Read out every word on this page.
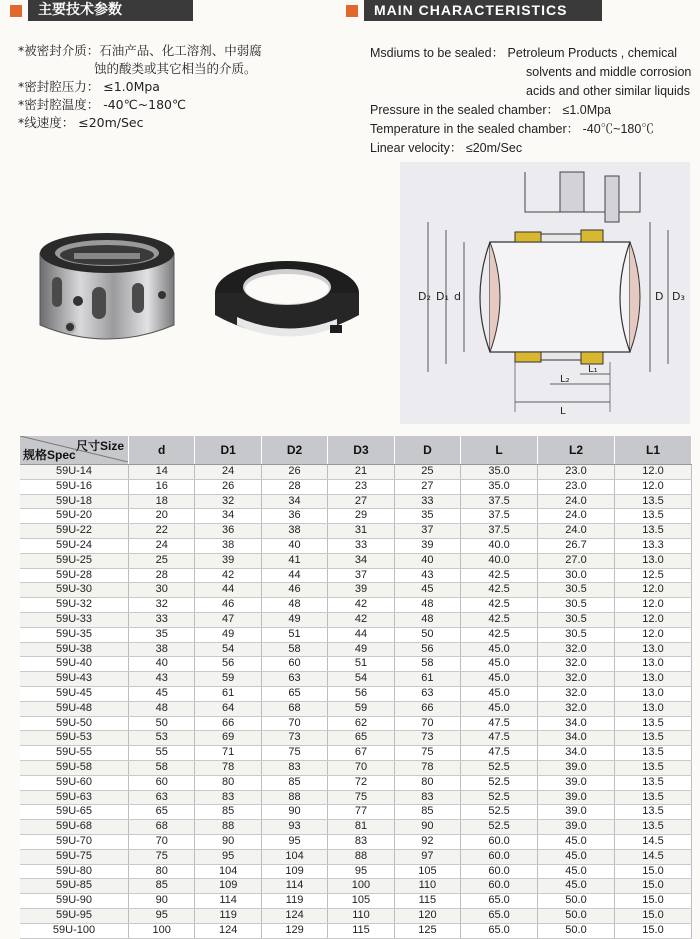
主要技术参数	MAIN CHARACTERISTICS
*被密封介质：石油产品、化工溶剂、中弱腐
蚀的酸类或其它相当的介质。
*密封腔压力： ≤1.0Mpa
*密封腔温度： -40℃~180℃
*线速度： ≤20m/Sec
Msdiums to be sealed： Petroleum Products , chemical
solvents and middle corrosion
acids and other similar liquids
Pressure in the sealed chamber： ≤1.0Mpa
Temperature in the sealed chamber： -40℃~180℃
Linear velocity： ≤20m/Sec
D₂ D₁ d	D D₃
L₂
L₁
L
尺寸Size
规格Spec	d	D1	D2	D3	D	L	L2	L1
59U-14	14	24	26	21	25	35.0	23.0	12.0
59U-16	16	26	28	23	27	35.0	23.0	12.0
59U-18	18	32	34	27	33	37.5	24.0	13.5
59U-20	20	34	36	29	35	37.5	24.0	13.5
59U-22	22	36	38	31	37	37.5	24.0	13.5
59U-24	24	38	40	33	39	40.0	26.7	13.3
59U-25	25	39	41	34	40	40.0	27.0	13.0
59U-28	28	42	44	37	43	42.5	30.0	12.5
59U-30	30	44	46	39	45	42.5	30.5	12.0
59U-32	32	46	48	42	48	42.5	30.5	12.0
59U-33	33	47	49	42	48	42.5	30.5	12.0
59U-35	35	49	51	44	50	42.5	30.5	12.0
59U-38	38	54	58	49	56	45.0	32.0	13.0
59U-40	40	56	60	51	58	45.0	32.0	13.0
59U-43	43	59	63	54	61	45.0	32.0	13.0
59U-45	45	61	65	56	63	45.0	32.0	13.0
59U-48	48	64	68	59	66	45.0	32.0	13.0
59U-50	50	66	70	62	70	47.5	34.0	13.5
59U-53	53	69	73	65	73	47.5	34.0	13.5
59U-55	55	71	75	67	75	47.5	34.0	13.5
59U-58	58	78	83	70	78	52.5	39.0	13.5
59U-60	60	80	85	72	80	52.5	39.0	13.5
59U-63	63	83	88	75	83	52.5	39.0	13.5
59U-65	65	85	90	77	85	52.5	39.0	13.5
59U-68	68	88	93	81	90	52.5	39.0	13.5
59U-70	70	90	95	83	92	60.0	45.0	14.5
59U-75	75	95	104	88	97	60.0	45.0	14.5
59U-80	80	104	109	95	105	60.0	45.0	15.0
59U-85	85	109	114	100	110	60.0	45.0	15.0
59U-90	90	114	119	105	115	65.0	50.0	15.0
59U-95	95	119	124	110	120	65.0	50.0	15.0
59U-100	100	124	129	115	125	65.0	50.0	15.0
